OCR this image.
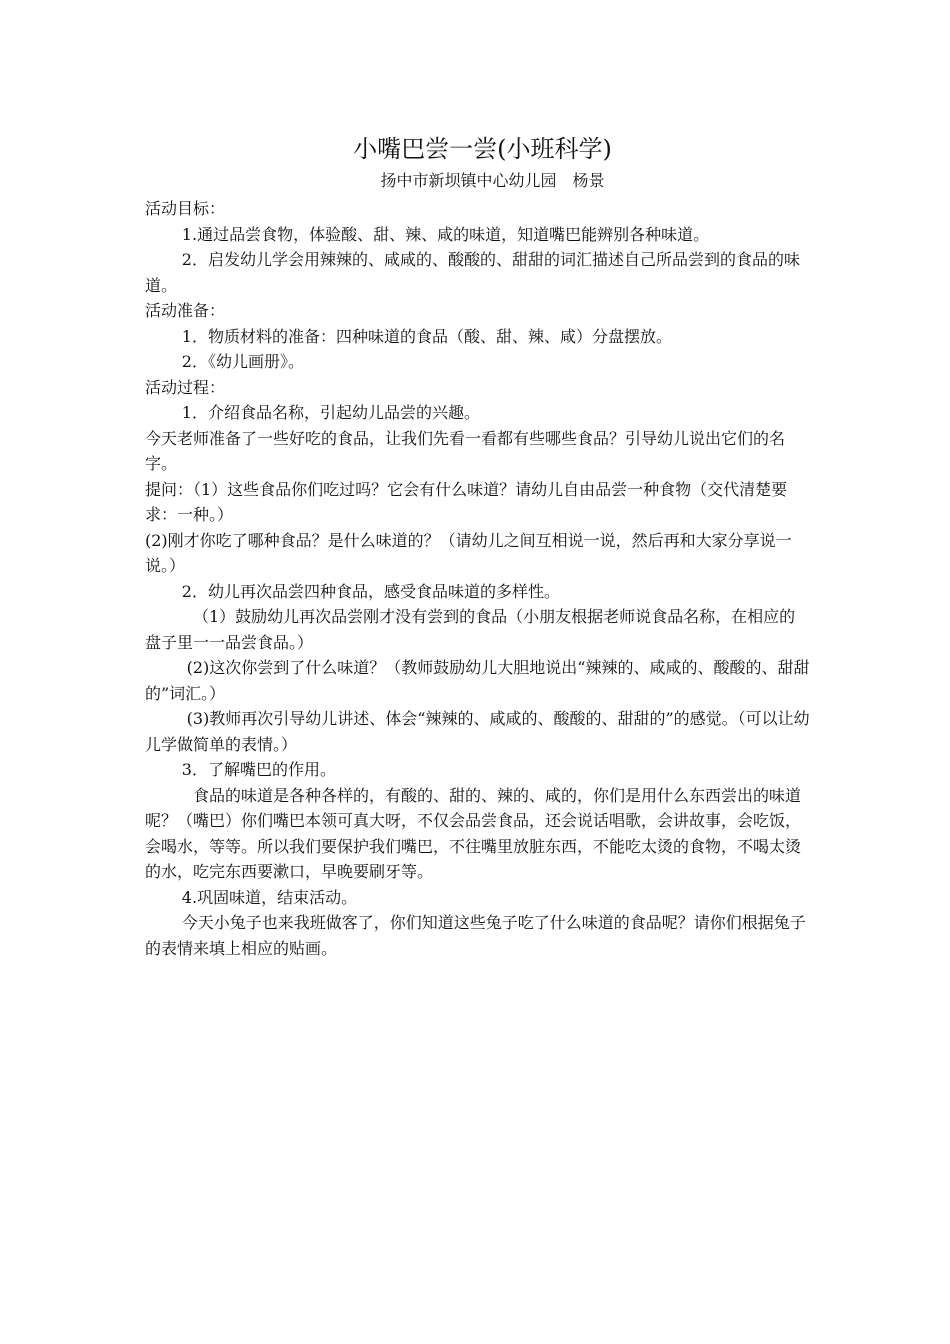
小嘴巴尝一尝(小班科学)

扬中市新坝镇中心幼儿园　杨景

活动目标：

1.通过品尝食物，体验酸、甜、辣、咸的味道，知道嘴巴能辨别各种味道。

2．启发幼儿学会用辣辣的、咸咸的、酸酸的、甜甜的词汇描述自己所品尝到的食品的味道。

活动准备：

1．物质材料的准备：四种味道的食品（酸、甜、辣、咸）分盘摆放。

2．《幼儿画册》。

活动过程：

1．介绍食品名称，引起幼儿品尝的兴趣。

今天老师准备了一些好吃的食品，让我们先看一看都有些哪些食品？引导幼儿说出它们的名字。

提问：（1）这些食品你们吃过吗？它会有什么味道？请幼儿自由品尝一种食物（交代清楚要求：一种。）

(2)刚才你吃了哪种食品？是什么味道的？（请幼儿之间互相说一说，然后再和大家分享说一说。）

2．幼儿再次品尝四种食品，感受食品味道的多样性。

（1）鼓励幼儿再次品尝刚才没有尝到的食品（小朋友根据老师说食品名称，在相应的盘子里一一品尝食品。）

(2)这次你尝到了什么味道？（教师鼓励幼儿大胆地说出“辣辣的、咸咸的、酸酸的、甜甜的”词汇。）

(3)教师再次引导幼儿讲述、体会“辣辣的、咸咸的、酸酸的、甜甜的”的感觉。（可以让幼儿学做简单的表情。）

3．了解嘴巴的作用。

食品的味道是各种各样的，有酸的、甜的、辣的、咸的，你们是用什么东西尝出的味道呢？（嘴巴）你们嘴巴本领可真大呀，不仅会品尝食品，还会说话唱歌，会讲故事，会吃饭，会喝水，等等。所以我们要保护我们嘴巴，不往嘴里放脏东西，不能吃太烫的食物，不喝太烫的水，吃完东西要漱口，早晚要刷牙等。

4.巩固味道，结束活动。

今天小兔子也来我班做客了，你们知道这些兔子吃了什么味道的食品呢？请你们根据兔子的表情来填上相应的贴画。
